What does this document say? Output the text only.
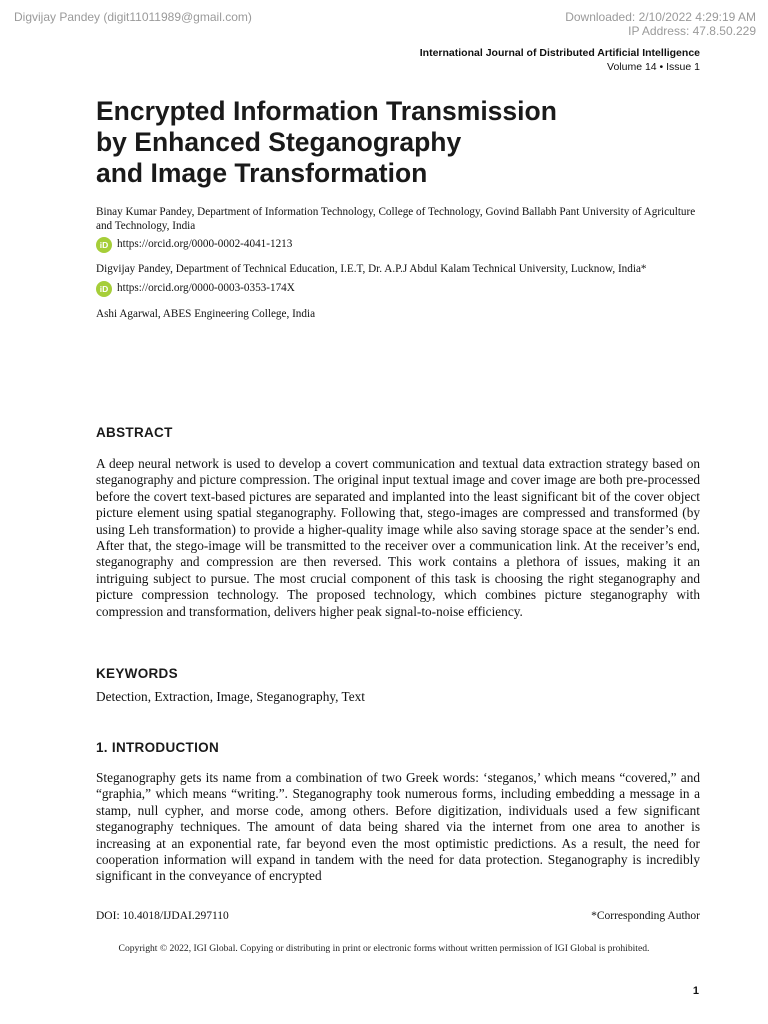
Digvijay Pandey (digit11011989@gmail.com)	Downloaded: 2/10/2022 4:29:19 AM
IP Address: 47.8.50.229
International Journal of Distributed Artificial Intelligence
Volume 14 • Issue 1
Encrypted Information Transmission
by Enhanced Steganography
and Image Transformation

Binay Kumar Pandey, Department of Information Technology, College of Technology, Govind Ballabh Pant University of Agriculture and Technology, India

iD https://orcid.org/0000-0002-4041-1213

Digvijay Pandey, Department of Technical Education, I.E.T, Dr. A.P.J Abdul Kalam Technical University, Lucknow, India*

iD https://orcid.org/0000-0003-0353-174X

Ashi Agarwal, ABES Engineering College, India

ABSTRACT

A deep neural network is used to develop a covert communication and textual data extraction strategy based on steganography and picture compression. The original input textual image and cover image are both pre-processed before the covert text-based pictures are separated and implanted into the least significant bit of the cover object picture element using spatial steganography. Following that, stego-images are compressed and transformed (by using Leh transformation) to provide a higher-quality image while also saving storage space at the sender’s end. After that, the stego-image will be transmitted to the receiver over a communication link. At the receiver’s end, steganography and compression are then reversed. This work contains a plethora of issues, making it an intriguing subject to pursue. The most crucial component of this task is choosing the right steganography and picture compression technology. The proposed technology, which combines picture steganography with compression and transformation, delivers higher peak signal-to-noise efficiency.

KEYWORDS

Detection, Extraction, Image, Steganography, Text

1. INTRODUCTION

Steganography gets its name from a combination of two Greek words: ‘steganos,’ which means “covered,” and “graphia,” which means “writing.”. Steganography took numerous forms, including embedding a message in a stamp, null cypher, and morse code, among others. Before digitization, individuals used a few significant steganography techniques. The amount of data being shared via the internet from one area to another is increasing at an exponential rate, far beyond even the most optimistic predictions. As a result, the need for cooperation information will expand in tandem with the need for data protection. Steganography is incredibly significant in the conveyance of encrypted

DOI: 10.4018/IJDAI.297110	*Corresponding Author
Copyright © 2022, IGI Global. Copying or distributing in print or electronic forms without written permission of IGI Global is prohibited.
1
